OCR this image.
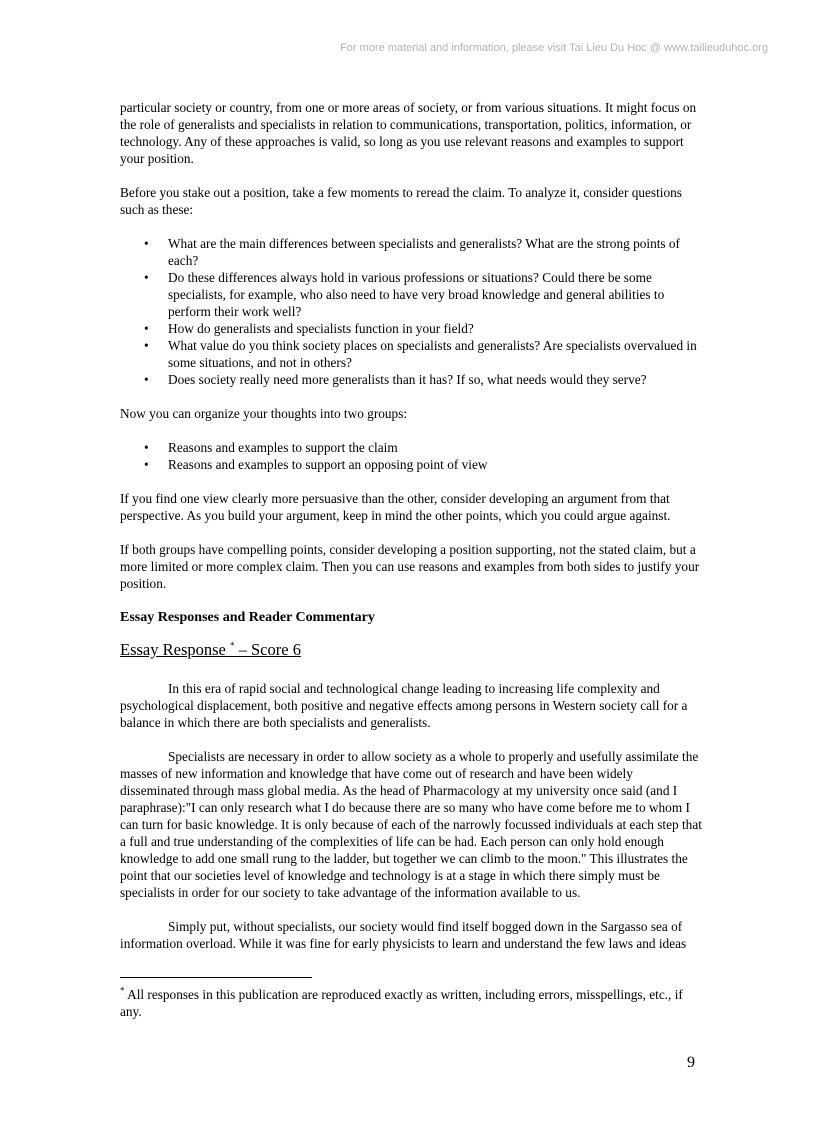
For more material and information, please visit Tai Lieu Du Hoc @ www.tailieuduhoc.org

particular society or country, from one or more areas of society, or from various situations. It might focus on the role of generalists and specialists in relation to communications, transportation, politics, information, or technology. Any of these approaches is valid, so long as you use relevant reasons and examples to support your position.

Before you stake out a position, take a few moments to reread the claim. To analyze it, consider questions such as these:

• What are the main differences between specialists and generalists? What are the strong points of each?
• Do these differences always hold in various professions or situations? Could there be some specialists, for example, who also need to have very broad knowledge and general abilities to perform their work well?
• How do generalists and specialists function in your field?
• What value do you think society places on specialists and generalists? Are specialists overvalued in some situations, and not in others?
• Does society really need more generalists than it has? If so, what needs would they serve?

Now you can organize your thoughts into two groups:

• Reasons and examples to support the claim
• Reasons and examples to support an opposing point of view

If you find one view clearly more persuasive than the other, consider developing an argument from that perspective. As you build your argument, keep in mind the other points, which you could argue against.

If both groups have compelling points, consider developing a position supporting, not the stated claim, but a more limited or more complex claim. Then you can use reasons and examples from both sides to justify your position.

Essay Responses and Reader Commentary
Essay Response * – Score 6

In this era of rapid social and technological change leading to increasing life complexity and psychological displacement, both positive and negative effects among persons in Western society call for a balance in which there are both specialists and generalists.

Specialists are necessary in order to allow society as a whole to properly and usefully assimilate the masses of new information and knowledge that have come out of research and have been widely disseminated through mass global media. As the head of Pharmacology at my university once said (and I paraphrase):"I can only research what I do because there are so many who have come before me to whom I can turn for basic knowledge. It is only because of each of the narrowly focussed individuals at each step that a full and true understanding of the complexities of life can be had. Each person can only hold enough knowledge to add one small rung to the ladder, but together we can climb to the moon." This illustrates the point that our societies level of knowledge and technology is at a stage in which there simply must be specialists in order for our society to take advantage of the information available to us.

Simply put, without specialists, our society would find itself bogged down in the Sargasso sea of information overload. While it was fine for early physicists to learn and understand the few laws and ideas

* All responses in this publication are reproduced exactly as written, including errors, misspellings, etc., if any.
9
